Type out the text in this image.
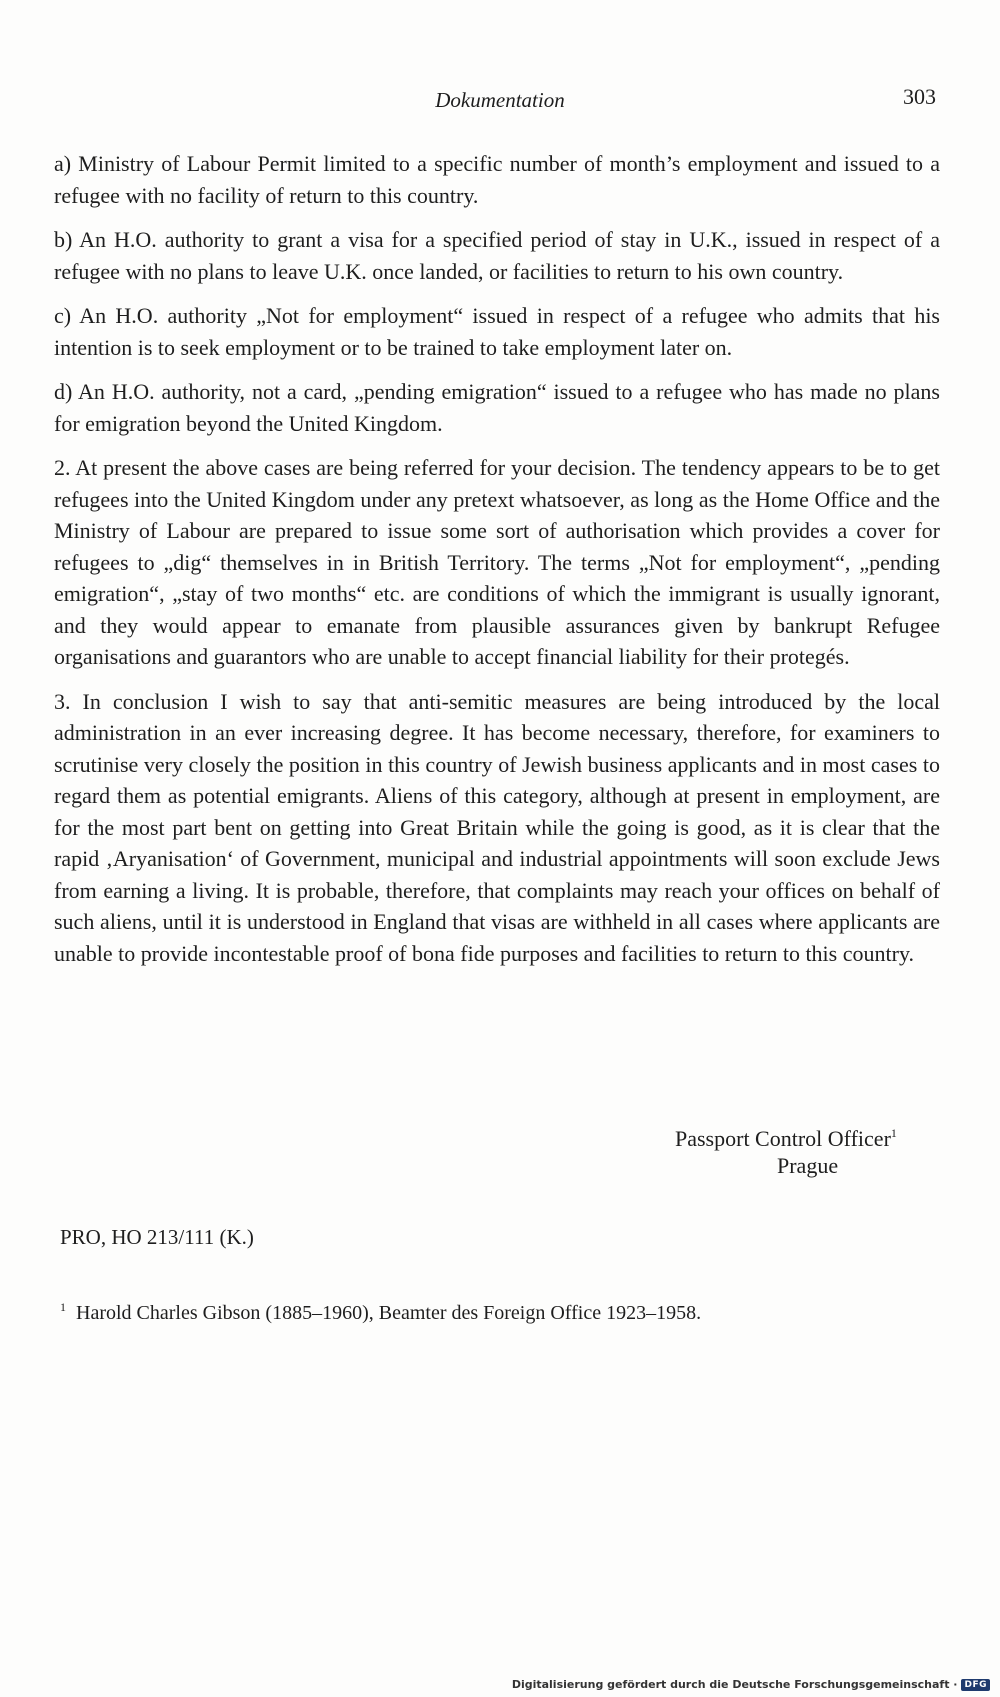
Dokumentation	303

a) Ministry of Labour Permit limited to a specific number of month’s employment and issued to a refugee with no facility of return to this country.

b) An H.O. authority to grant a visa for a specified period of stay in U.K., issued in respect of a refugee with no plans to leave U.K. once landed, or facilities to return to his own country.

c) An H.O. authority „Not for employment“ issued in respect of a refugee who admits that his intention is to seek employment or to be trained to take employment later on.

d) An H.O. authority, not a card, „pending emigration“ issued to a refugee who has made no plans for emigration beyond the United Kingdom.

2. At present the above cases are being referred for your decision. The tendency appears to be to get refugees into the United Kingdom under any pretext whatsoever, as long as the Home Office and the Ministry of Labour are prepared to issue some sort of authorisation which provides a cover for refugees to „dig“ themselves in in British Territory. The terms „Not for employment“, „pending emigration“, „stay of two months“ etc. are conditions of which the immigrant is usually ignorant, and they would appear to emanate from plausible assurances given by bankrupt Refugee organisations and guarantors who are unable to accept financial liability for their protegés.

3. In conclusion I wish to say that anti-semitic measures are being introduced by the local administration in an ever increasing degree. It has become necessary, therefore, for examiners to scrutinise very closely the position in this country of Jewish business applicants and in most cases to regard them as potential emigrants. Aliens of this category, although at present in employment, are for the most part bent on getting into Great Britain while the going is good, as it is clear that the rapid ‚Aryanisation‘ of Government, municipal and industrial appointments will soon exclude Jews from earning a living. It is probable, therefore, that complaints may reach your offices on behalf of such aliens, until it is understood in England that visas are withheld in all cases where applicants are unable to provide incontestable proof of bona fide purposes and facilities to return to this country.

Passport Control Officer$^1$
Prague
PRO, HO 213/111 (K.)
$^1$ Harold Charles Gibson (1885–1960), Beamter des Foreign Office 1923–1958.
Digitalisierung gefördert durch die Deutsche Forschungsgemeinschaft · DFG
